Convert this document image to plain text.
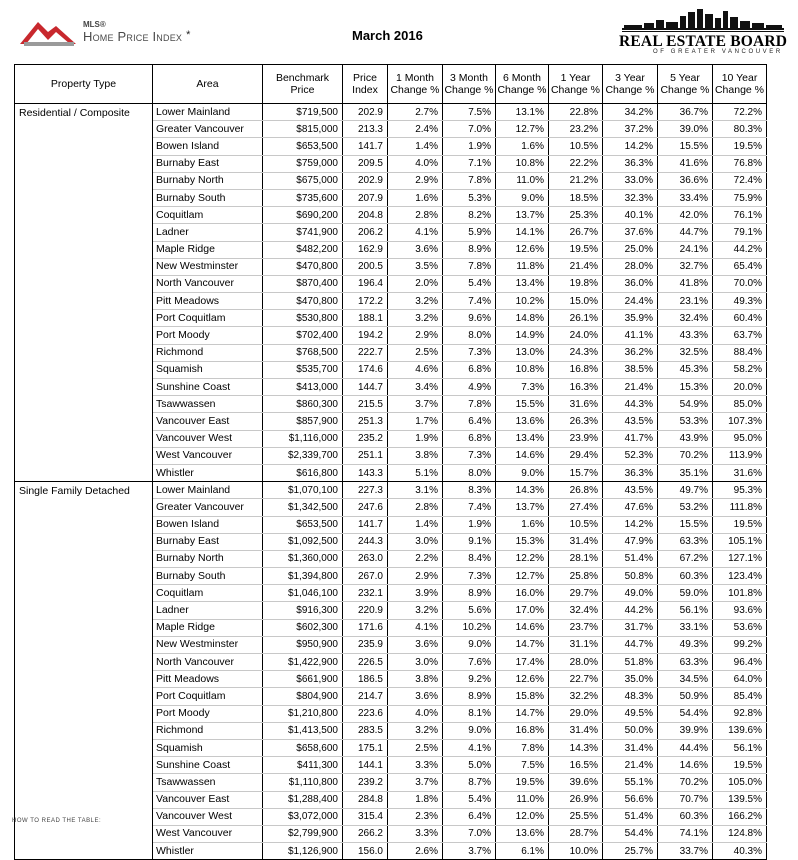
MLS®
Home Price Index *	March 2016	REAL ESTATE BOARD
OF GREATER VANCOUVER
Property Type	Area	Benchmark Price	Price Index	1 Month Change %	3 Month Change %	6 Month Change %	1 Year Change %	3 Year Change %	5 Year Change %	10 Year Change %
Residential / Composite	Lower Mainland	$719,500	202.9	2.7%	7.5%	13.1%	22.8%	34.2%	36.7%	72.2%
	Greater Vancouver	$815,000	213.3	2.4%	7.0%	12.7%	23.2%	37.2%	39.0%	80.3%
	Bowen Island	$653,500	141.7	1.4%	1.9%	1.6%	10.5%	14.2%	15.5%	19.5%
	Burnaby East	$759,000	209.5	4.0%	7.1%	10.8%	22.2%	36.3%	41.6%	76.8%
	Burnaby North	$675,000	202.9	2.9%	7.8%	11.0%	21.2%	33.0%	36.6%	72.4%
	Burnaby South	$735,600	207.9	1.6%	5.3%	9.0%	18.5%	32.3%	33.4%	75.9%
	Coquitlam	$690,200	204.8	2.8%	8.2%	13.7%	25.3%	40.1%	42.0%	76.1%
	Ladner	$741,900	206.2	4.1%	5.9%	14.1%	26.7%	37.6%	44.7%	79.1%
	Maple Ridge	$482,200	162.9	3.6%	8.9%	12.6%	19.5%	25.0%	24.1%	44.2%
	New Westminster	$470,800	200.5	3.5%	7.8%	11.8%	21.4%	28.0%	32.7%	65.4%
	North Vancouver	$870,400	196.4	2.0%	5.4%	13.4%	19.8%	36.0%	41.8%	70.0%
	Pitt Meadows	$470,800	172.2	3.2%	7.4%	10.2%	15.0%	24.4%	23.1%	49.3%
	Port Coquitlam	$530,800	188.1	3.2%	9.6%	14.8%	26.1%	35.9%	32.4%	60.4%
	Port Moody	$702,400	194.2	2.9%	8.0%	14.9%	24.0%	41.1%	43.3%	63.7%
	Richmond	$768,500	222.7	2.5%	7.3%	13.0%	24.3%	36.2%	32.5%	88.4%
	Squamish	$535,700	174.6	4.6%	6.8%	10.8%	16.8%	38.5%	45.3%	58.2%
	Sunshine Coast	$413,000	144.7	3.4%	4.9%	7.3%	16.3%	21.4%	15.3%	20.0%
	Tsawwassen	$860,300	215.5	3.7%	7.8%	15.5%	31.6%	44.3%	54.9%	85.0%
	Vancouver East	$857,900	251.3	1.7%	6.4%	13.6%	26.3%	43.5%	53.3%	107.3%
	Vancouver West	$1,116,000	235.2	1.9%	6.8%	13.4%	23.9%	41.7%	43.9%	95.0%
	West Vancouver	$2,339,700	251.1	3.8%	7.3%	14.6%	29.4%	52.3%	70.2%	113.9%
	Whistler	$616,800	143.3	5.1%	8.0%	9.0%	15.7%	36.3%	35.1%	31.6%
Single Family Detached	Lower Mainland	$1,070,100	227.3	3.1%	8.3%	14.3%	26.8%	43.5%	49.7%	95.3%
	Greater Vancouver	$1,342,500	247.6	2.8%	7.4%	13.7%	27.4%	47.6%	53.2%	111.8%
	Bowen Island	$653,500	141.7	1.4%	1.9%	1.6%	10.5%	14.2%	15.5%	19.5%
	Burnaby East	$1,092,500	244.3	3.0%	9.1%	15.3%	31.4%	47.9%	63.3%	105.1%
	Burnaby North	$1,360,000	263.0	2.2%	8.4%	12.2%	28.1%	51.4%	67.2%	127.1%
	Burnaby South	$1,394,800	267.0	2.9%	7.3%	12.7%	25.8%	50.8%	60.3%	123.4%
	Coquitlam	$1,046,100	232.1	3.9%	8.9%	16.0%	29.7%	49.0%	59.0%	101.8%
	Ladner	$916,300	220.9	3.2%	5.6%	17.0%	32.4%	44.2%	56.1%	93.6%
	Maple Ridge	$602,300	171.6	4.1%	10.2%	14.6%	23.7%	31.7%	33.1%	53.6%
	New Westminster	$950,900	235.9	3.6%	9.0%	14.7%	31.1%	44.7%	49.3%	99.2%
	North Vancouver	$1,422,900	226.5	3.0%	7.6%	17.4%	28.0%	51.8%	63.3%	96.4%
	Pitt Meadows	$661,900	186.5	3.8%	9.2%	12.6%	22.7%	35.0%	34.5%	64.0%
	Port Coquitlam	$804,900	214.7	3.6%	8.9%	15.8%	32.2%	48.3%	50.9%	85.4%
	Port Moody	$1,210,800	223.6	4.0%	8.1%	14.7%	29.0%	49.5%	54.4%	92.8%
	Richmond	$1,413,500	283.5	3.2%	9.0%	16.8%	31.4%	50.0%	39.9%	139.6%
	Squamish	$658,600	175.1	2.5%	4.1%	7.8%	14.3%	31.4%	44.4%	56.1%
	Sunshine Coast	$411,300	144.1	3.3%	5.0%	7.5%	16.5%	21.4%	14.6%	19.5%
	Tsawwassen	$1,110,800	239.2	3.7%	8.7%	19.5%	39.6%	55.1%	70.2%	105.0%
	Vancouver East	$1,288,400	284.8	1.8%	5.4%	11.0%	26.9%	56.6%	70.7%	139.5%
	Vancouver West	$3,072,000	315.4	2.3%	6.4%	12.0%	25.5%	51.4%	60.3%	166.2%
	West Vancouver	$2,799,900	266.2	3.3%	7.0%	13.6%	28.7%	54.4%	74.1%	124.8%
	Whistler	$1,126,900	156.0	2.6%	3.7%	6.1%	10.0%	25.7%	33.7%	40.3%
HOW TO READ THE TABLE:
